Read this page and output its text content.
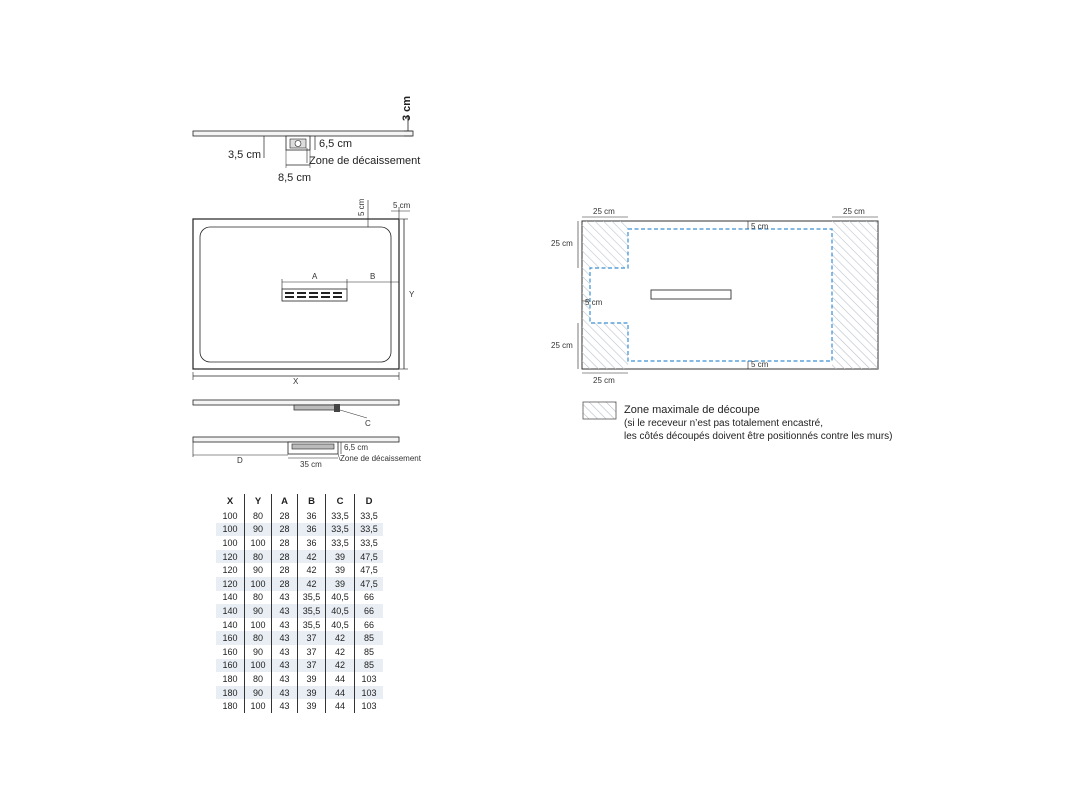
3 cm
6,5 cm
3,5 cm	Zone de décaissement
8,5 cm
A	B
5 cm	5 cm
Y
X
C
D
6,5 cm
35 cm
Zone de décaissement
25 cm	25 cm
25 cm
25 cm
25 cm
5 cm
5 cm
5 cm
Zone maximale de découpe
(si le receveur n’est pas totalement encastré,
les côtés découpés doivent être positionnés contre les murs)
X	Y	A	B	C	D
100	80	28	36	33,5	33,5
100	90	28	36	33,5	33,5
100	100	28	36	33,5	33,5
120	80	28	42	39	47,5
120	90	28	42	39	47,5
120	100	28	42	39	47,5
140	80	43	35,5	40,5	66
140	90	43	35,5	40,5	66
140	100	43	35,5	40,5	66
160	80	43	37	42	85
160	90	43	37	42	85
160	100	43	37	42	85
180	80	43	39	44	103
180	90	43	39	44	103
180	100	43	39	44	103
